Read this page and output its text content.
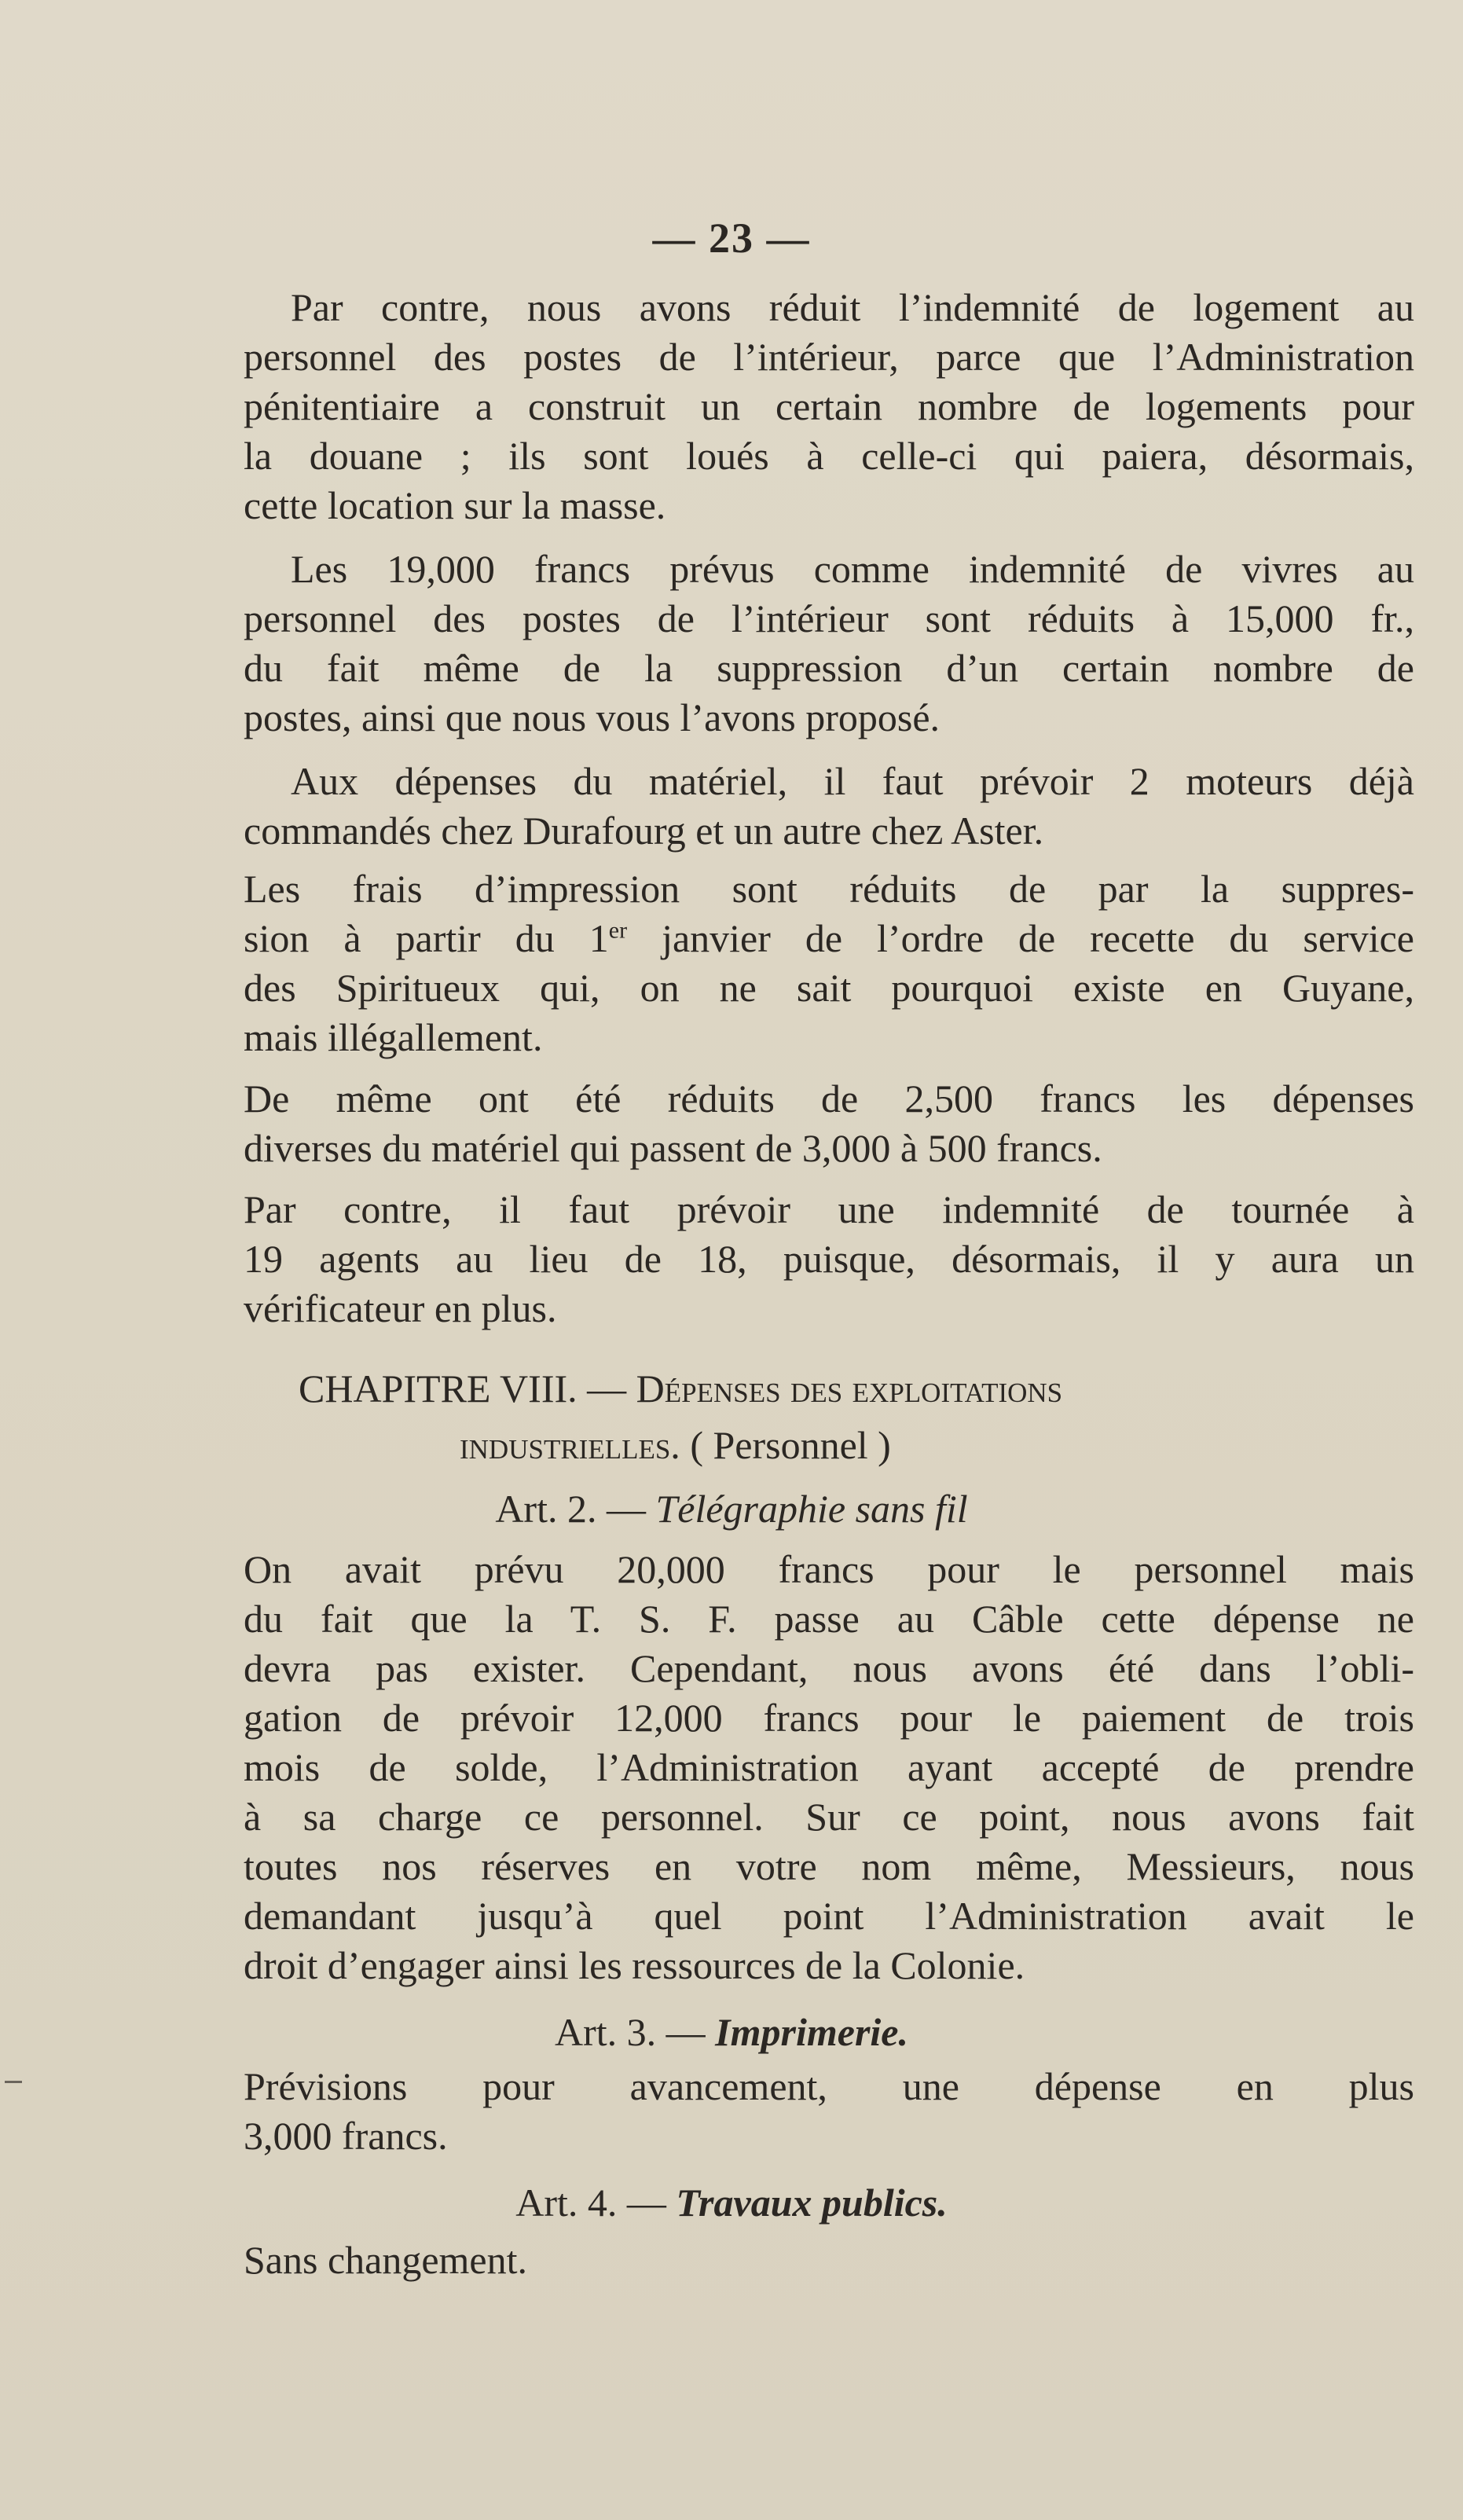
— 23 —
Par contre, nous avons réduit l’indemnité de logement au
personnel des postes de l’intérieur, parce que l’Administration
pénitentiaire a construit un certain nombre de logements pour
la douane ; ils sont loués à celle-ci qui paiera, désormais,
cette location sur la masse.
Les 19,000 francs prévus comme indemnité de vivres au
personnel des postes de l’intérieur sont réduits à 15,000 fr.,
du fait même de la suppression d’un certain nombre de
postes, ainsi que nous vous l’avons proposé.
Aux dépenses du matériel, il faut prévoir 2 moteurs déjà
commandés chez Durafourg et un autre chez Aster.
Les frais d’impression sont réduits de par la suppres-
sion à partir du 1er janvier de l’ordre de recette du service
des Spiritueux qui, on ne sait pourquoi existe en Guyane,
mais illégallement.
De même ont été réduits de 2,500 francs les dépenses
diverses du matériel qui passent de 3,000 à 500 francs.
Par contre, il faut prévoir une indemnité de tournée à
19 agents au lieu de 18, puisque, désormais, il y aura un
vérificateur en plus.
CHAPITRE VIII. — Dépenses des exploitations
industrielles. ( Personnel )
Art. 2. — Télégraphie sans fil
On avait prévu 20,000 francs pour le personnel mais
du fait que la T. S. F. passe au Câble cette dépense ne
devra pas exister. Cependant, nous avons été dans l’obli-
gation de prévoir 12,000 francs pour le paiement de trois
mois de solde, l’Administration ayant accepté de prendre
à sa charge ce personnel. Sur ce point, nous avons fait
toutes nos réserves en votre nom même, Messieurs, nous
demandant jusqu’à quel point l’Administration avait le
droit d’engager ainsi les ressources de la Colonie.
Art. 3. — Imprimerie.
Prévisions pour avancement, une dépense en plus
3,000 francs.
Art. 4. — Travaux publics.
Sans changement.
